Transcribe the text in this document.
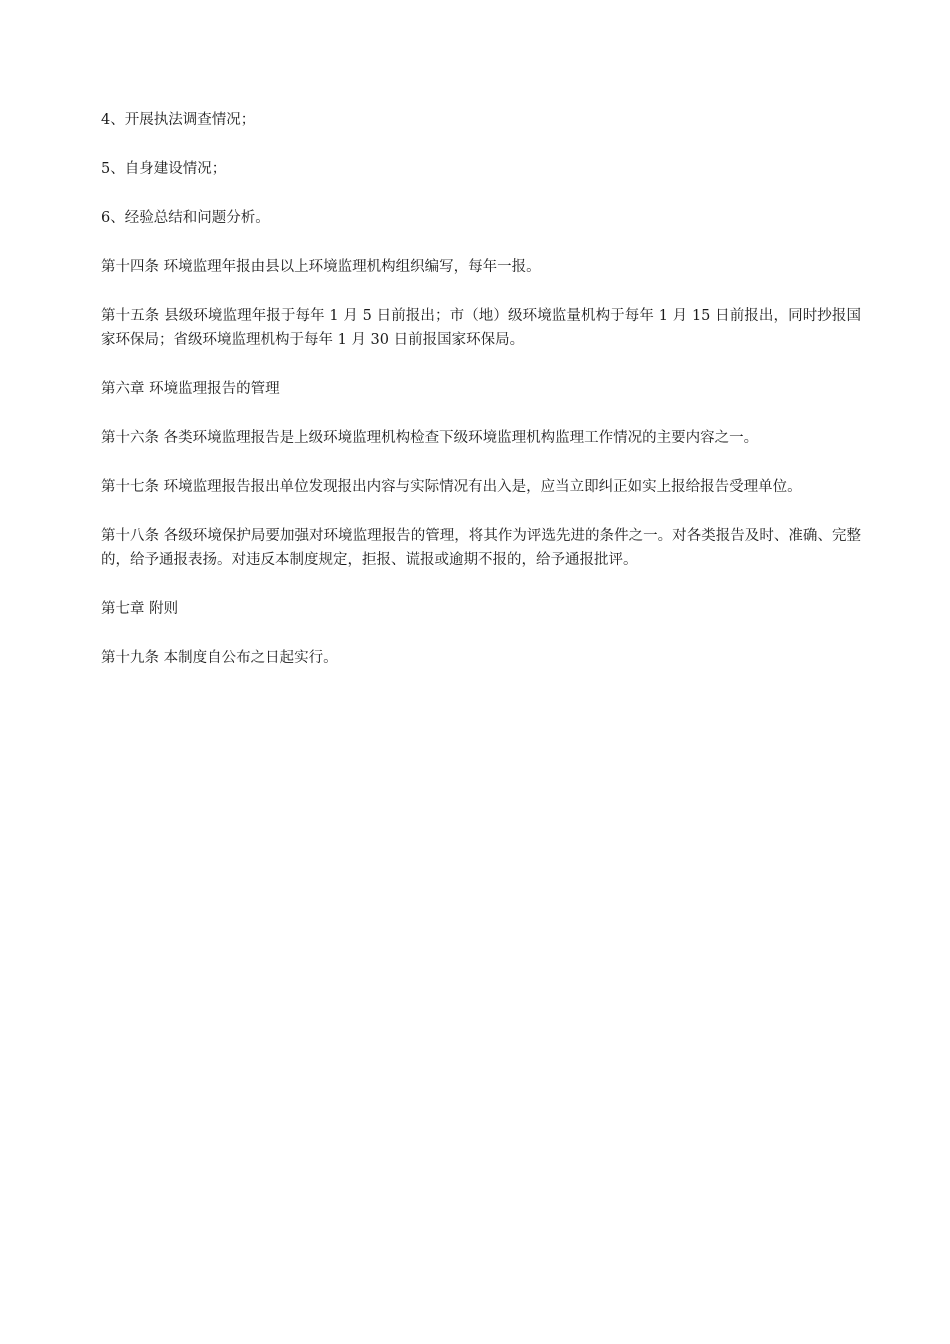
4、开展执法调查情况；

5、自身建设情况；

6、经验总结和问题分析。

第十四条 环境监理年报由县以上环境监理机构组织编写，每年一报。

第十五条 县级环境监理年报于每年 1 月 5 日前报出；市（地）级环境监量机构于每年 1 月 15 日前报出，同时抄报国家环保局；省级环境监理机构于每年 1 月 30 日前报国家环保局。

第六章 环境监理报告的管理

第十六条 各类环境监理报告是上级环境监理机构检查下级环境监理机构监理工作情况的主要内容之一。

第十七条 环境监理报告报出单位发现报出内容与实际情况有出入是，应当立即纠正如实上报给报告受理单位。

第十八条 各级环境保护局要加强对环境监理报告的管理，将其作为评选先进的条件之一。对各类报告及时、准确、完整的，给予通报表扬。对违反本制度规定，拒报、谎报或逾期不报的，给予通报批评。

第七章 附则

第十九条 本制度自公布之日起实行。
